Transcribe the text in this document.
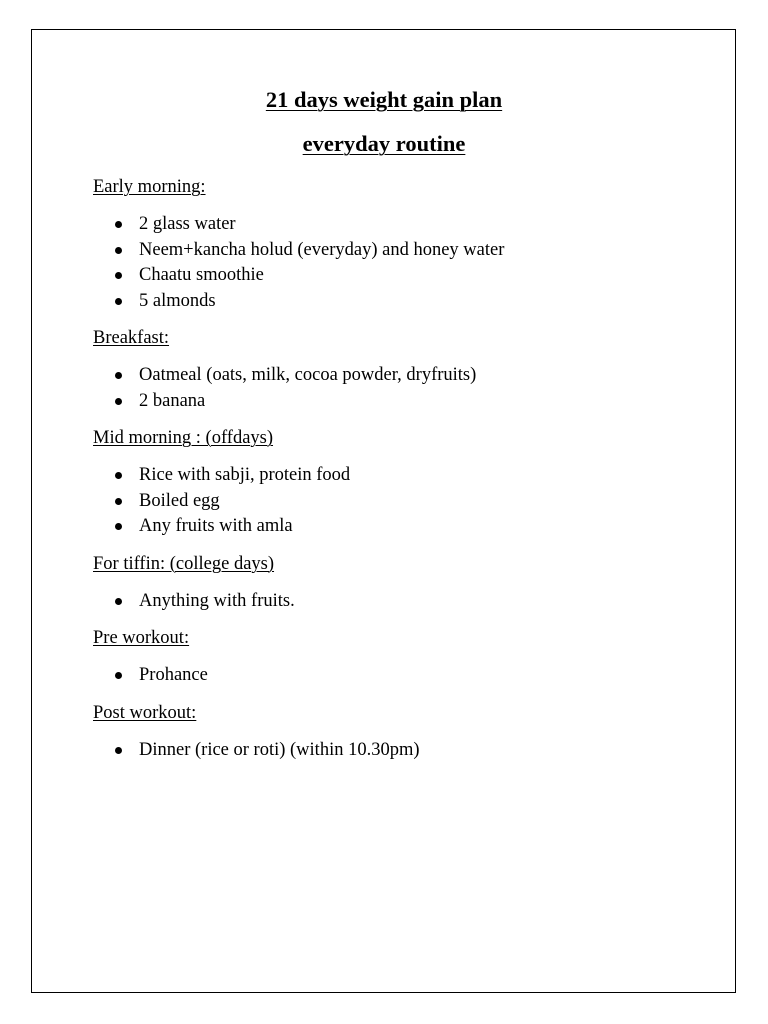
21 days weight gain plan
everyday routine
Early morning:
2 glass water
Neem+kancha holud (everyday) and honey water
Chaatu smoothie
5 almonds
Breakfast:
Oatmeal (oats, milk, cocoa powder, dryfruits)
2 banana
Mid morning : (offdays)
Rice with sabji, protein food
Boiled egg
Any fruits with amla
For tiffin: (college days)
Anything with fruits.
Pre workout:
Prohance
Post workout:
Dinner (rice or roti) (within 10.30pm)
